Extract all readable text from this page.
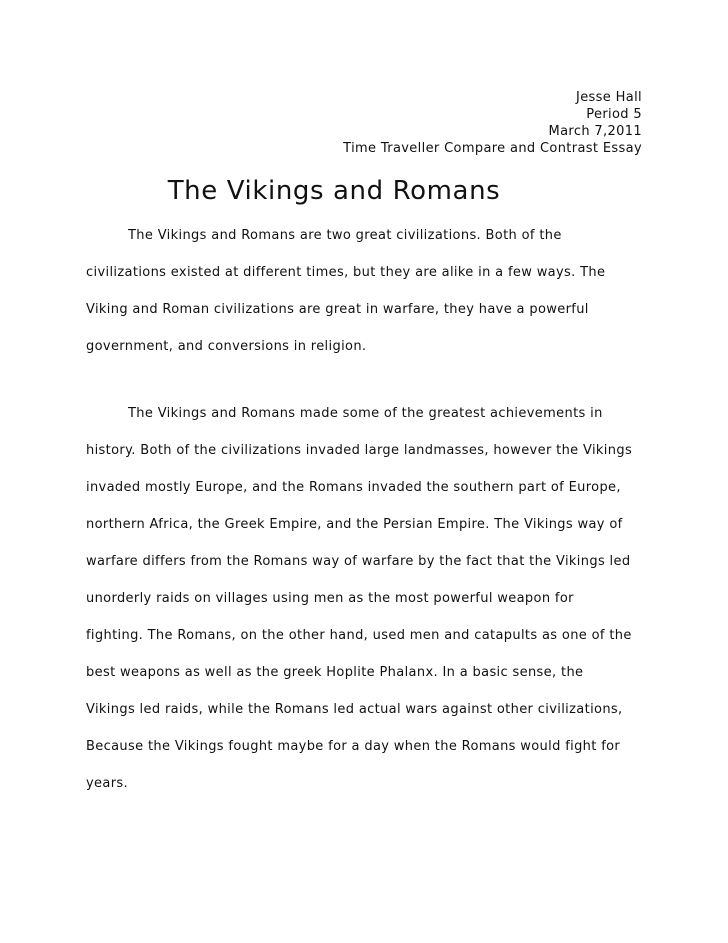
Jesse Hall
Period 5
March 7,2011
Time Traveller Compare and Contrast Essay
The Vikings and Romans
The Vikings and Romans are two great civilizations. Both of the
civilizations existed at different times, but they are alike in a few ways. The
Viking and Roman civilizations are great in warfare, they have a powerful
government, and conversions in religion.
The Vikings and Romans made some of the greatest achievements in
history. Both of the civilizations invaded large landmasses, however the Vikings
invaded mostly Europe, and the Romans invaded the southern part of Europe,
northern Africa, the Greek Empire, and the Persian Empire. The Vikings way of
warfare differs from the Romans way of warfare by the fact that the Vikings led
unorderly raids on villages using men as the most powerful weapon for
fighting. The Romans, on the other hand, used men and catapults as one of the
best weapons as well as the greek Hoplite Phalanx. In a basic sense, the
Vikings led raids, while the Romans led actual wars against other civilizations,
Because the Vikings fought maybe for a day when the Romans would fight for
years.
